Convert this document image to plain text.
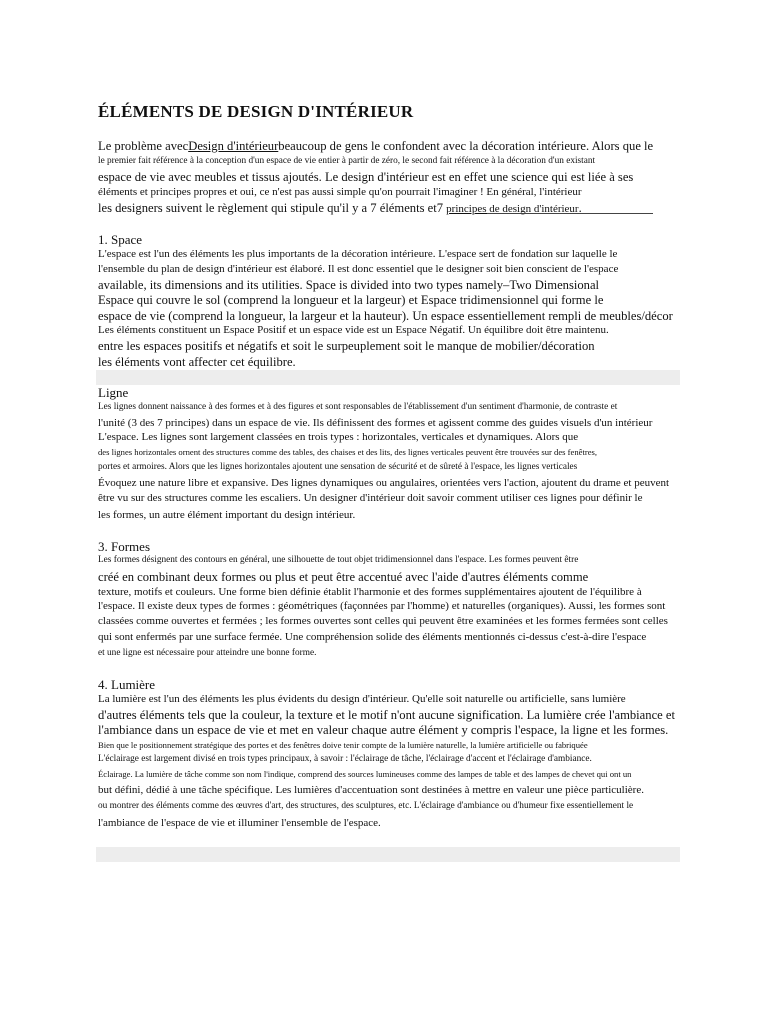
ÉLÉMENTS DE DESIGN D'INTÉRIEUR
Le problème avecDesign d'intérieurbeaucoup de gens le confondent avec la décoration intérieure. Alors que le
le premier fait référence à la conception d'un espace de vie entier à partir de zéro, le second fait référence à la décoration d'un existant
espace de vie avec meubles et tissus ajoutés. Le design d'intérieur est en effet une science qui est liée à ses
éléments et principes propres et oui, ce n'est pas aussi simple qu'on pourrait l'imaginer ! En général, l'intérieur
les designers suivent le règlement qui stipule qu'il y a 7 éléments et7 principes de design d'intérieur.
1. Space
L'espace est l'un des éléments les plus importants de la décoration intérieure. L'espace sert de fondation sur laquelle le
l'ensemble du plan de design d'intérieur est élaboré. Il est donc essentiel que le designer soit bien conscient de l'espace
available, its dimensions and its utilities. Space is divided into two types namely–Two Dimensional
Espace qui couvre le sol (comprend la longueur et la largeur) et Espace tridimensionnel qui forme le
espace de vie (comprend la longueur, la largeur et la hauteur). Un espace essentiellement rempli de meubles/décor
Les éléments constituent un Espace Positif et un espace vide est un Espace Négatif. Un équilibre doit être maintenu.
entre les espaces positifs et négatifs et soit le surpeuplement soit le manque de mobilier/décoration
les éléments vont affecter cet équilibre.
Ligne
Les lignes donnent naissance à des formes et à des figures et sont responsables de l'établissement d'un sentiment d'harmonie, de contraste et
l'unité (3 des 7 principes) dans un espace de vie. Ils définissent des formes et agissent comme des guides visuels d'un intérieur
L'espace. Les lignes sont largement classées en trois types : horizontales, verticales et dynamiques. Alors que
des lignes horizontales ornent des structures comme des tables, des chaises et des lits, des lignes verticales peuvent être trouvées sur des fenêtres,
portes et armoires. Alors que les lignes horizontales ajoutent une sensation de sécurité et de sûreté à l'espace, les lignes verticales
Évoquez une nature libre et expansive. Des lignes dynamiques ou angulaires, orientées vers l'action, ajoutent du drame et peuvent
être vu sur des structures comme les escaliers. Un designer d'intérieur doit savoir comment utiliser ces lignes pour définir le
les formes, un autre élément important du design intérieur.
3. Formes
Les formes désignent des contours en général, une silhouette de tout objet tridimensionnel dans l'espace. Les formes peuvent être
créé en combinant deux formes ou plus et peut être accentué avec l'aide d'autres éléments comme
texture, motifs et couleurs. Une forme bien définie établit l'harmonie et des formes supplémentaires ajoutent de l'équilibre à
l'espace. Il existe deux types de formes : géométriques (façonnées par l'homme) et naturelles (organiques). Aussi, les formes sont
classées comme ouvertes et fermées ; les formes ouvertes sont celles qui peuvent être examinées et les formes fermées sont celles
qui sont enfermés par une surface fermée. Une compréhension solide des éléments mentionnés ci-dessus c'est-à-dire l'espace
et une ligne est nécessaire pour atteindre une bonne forme.
4. Lumière
La lumière est l'un des éléments les plus évidents du design d'intérieur. Qu'elle soit naturelle ou artificielle, sans lumière
d'autres éléments tels que la couleur, la texture et le motif n'ont aucune signification. La lumière crée l'ambiance et
l'ambiance dans un espace de vie et met en valeur chaque autre élément y compris l'espace, la ligne et les formes.
Bien que le positionnement stratégique des portes et des fenêtres doive tenir compte de la lumière naturelle, la lumière artificielle ou fabriquée
L'éclairage est largement divisé en trois types principaux, à savoir : l'éclairage de tâche, l'éclairage d'accent et l'éclairage d'ambiance.
Éclairage. La lumière de tâche comme son nom l'indique, comprend des sources lumineuses comme des lampes de table et des lampes de chevet qui ont un
but défini, dédié à une tâche spécifique. Les lumières d'accentuation sont destinées à mettre en valeur une pièce particulière.
ou montrer des éléments comme des œuvres d'art, des structures, des sculptures, etc. L'éclairage d'ambiance ou d'humeur fixe essentiellement le
l'ambiance de l'espace de vie et illuminer l'ensemble de l'espace.
